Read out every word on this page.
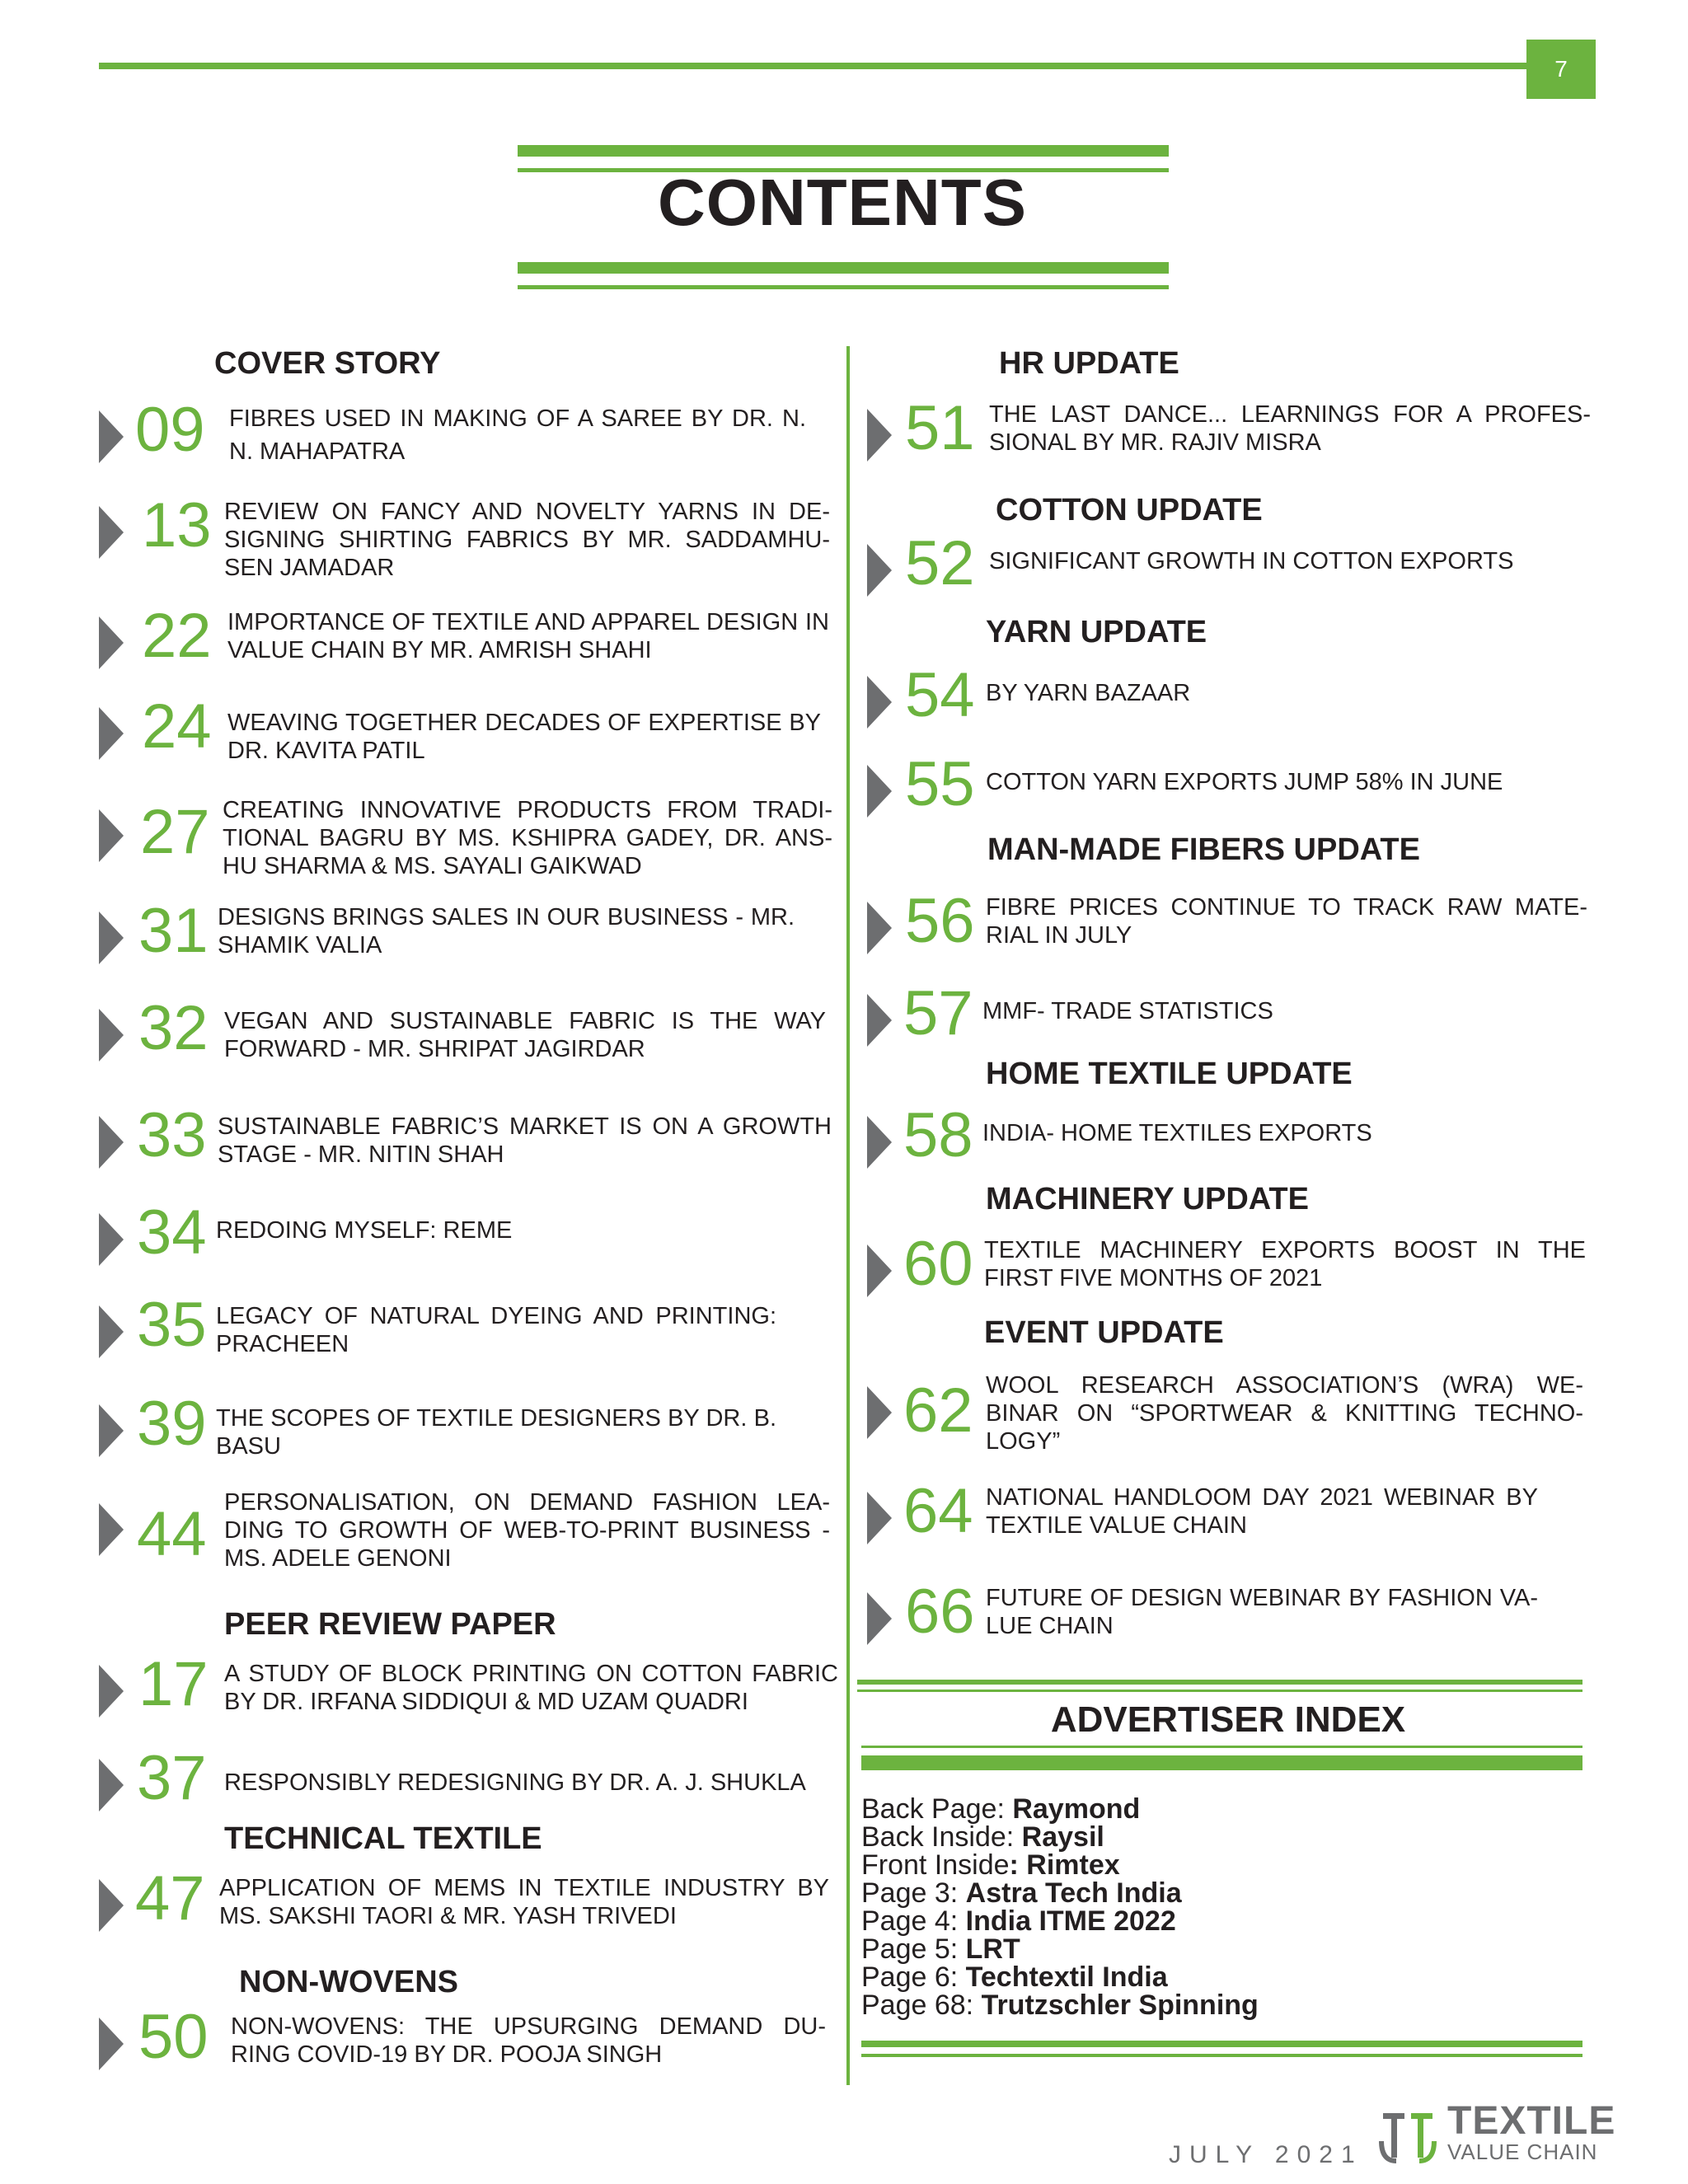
7
CONTENTS
COVER STORY
09 FIBRES USED IN MAKING OF A SAREE BY DR. N. N. MAHAPATRA
13 REVIEW ON FANCY AND NOVELTY YARNS IN DE-SIGNING SHIRTING FABRICS BY MR. SADDAMHU-SEN JAMADAR
22 IMPORTANCE OF TEXTILE AND APPAREL DESIGN IN VALUE CHAIN BY MR. AMRISH SHAHI
24 WEAVING TOGETHER DECADES OF EXPERTISE BY DR. KAVITA PATIL
27 CREATING INNOVATIVE PRODUCTS FROM TRADI-TIONAL BAGRU BY MS. KSHIPRA GADEY, DR. ANS-HU SHARMA & MS. SAYALI GAIKWAD
31 DESIGNS BRINGS SALES IN OUR BUSINESS - MR. SHAMIK VALIA
32 VEGAN AND SUSTAINABLE FABRIC IS THE WAY FORWARD - MR. SHRIPAT JAGIRDAR
33 SUSTAINABLE FABRIC’S MARKET IS ON A GROWTH STAGE - MR. NITIN SHAH
34 REDOING MYSELF: REME
35 LEGACY OF NATURAL DYEING AND PRINTING: PRACHEEN
39 THE SCOPES OF TEXTILE DESIGNERS BY DR. B. BASU
44 PERSONALISATION, ON DEMAND FASHION LEA-DING TO GROWTH OF WEB-TO-PRINT BUSINESS - MS. ADELE GENONI
PEER REVIEW PAPER
17 A STUDY OF BLOCK PRINTING ON COTTON FABRIC BY DR. IRFANA SIDDIQUI & MD UZAM QUADRI
37 RESPONSIBLY REDESIGNING BY DR. A. J. SHUKLA
TECHNICAL TEXTILE
47 APPLICATION OF MEMS IN TEXTILE INDUSTRY BY MS. SAKSHI TAORI & MR. YASH TRIVEDI
NON-WOVENS
50 NON-WOVENS: THE UPSURGING DEMAND DU-RING COVID-19 BY DR. POOJA SINGH
HR UPDATE
51 THE LAST DANCE... LEARNINGS FOR A PROFES-SIONAL BY MR. RAJIV MISRA
COTTON UPDATE
52 SIGNIFICANT GROWTH IN COTTON EXPORTS
YARN UPDATE
54 BY YARN BAZAAR
55 COTTON YARN EXPORTS JUMP 58% IN JUNE
MAN-MADE FIBERS UPDATE
56 FIBRE PRICES CONTINUE TO TRACK RAW MATE-RIAL IN JULY
57 MMF- TRADE STATISTICS
HOME TEXTILE UPDATE
58 INDIA- HOME TEXTILES EXPORTS
MACHINERY UPDATE
60 TEXTILE MACHINERY EXPORTS BOOST IN THE FIRST FIVE MONTHS OF 2021
EVENT UPDATE
62 WOOL RESEARCH ASSOCIATION’S (WRA) WE-BINAR ON “SPORTWEAR & KNITTING TECHNO-LOGY”
64 NATIONAL HANDLOOM DAY 2021 WEBINAR BY TEXTILE VALUE CHAIN
66 FUTURE OF DESIGN WEBINAR BY FASHION VA-LUE CHAIN
ADVERTISER INDEX
Back Page: Raymond
Back Inside: Raysil
Front Inside: Rimtex
Page 3: Astra Tech India
Page 4: India ITME 2022
Page 5: LRT
Page 6: Techtextil India
Page 68: Trutzschler Spinning
JULY 2021
TEXTILE
VALUE CHAIN
